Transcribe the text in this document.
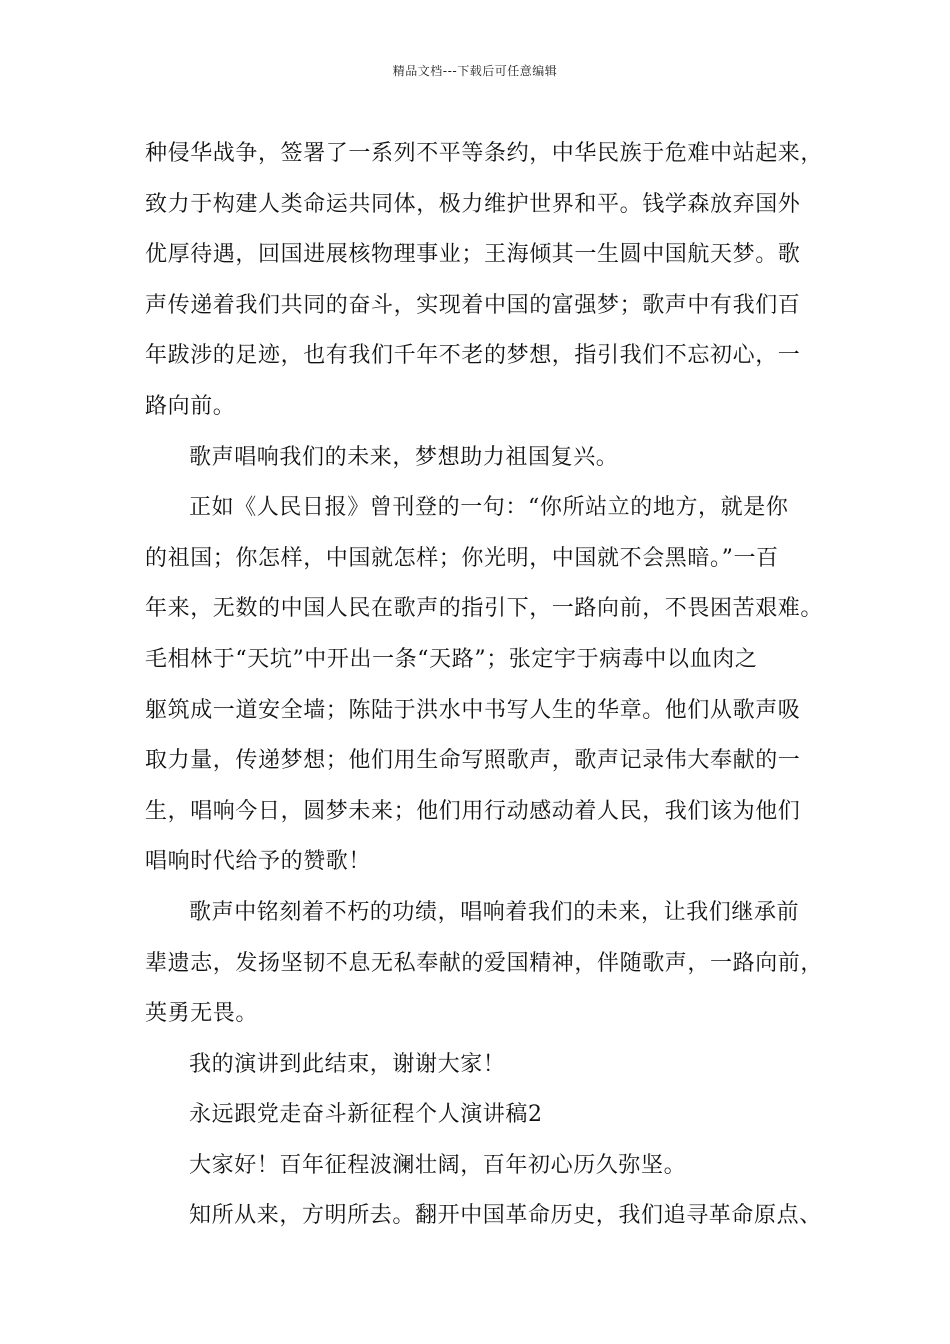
精品文档---下载后可任意编辑
种侵华战争，签署了一系列不平等条约，中华民族于危难中站起来，
致力于构建人类命运共同体，极力维护世界和平。钱学森放弃国外
优厚待遇，回国进展核物理事业；王海倾其一生圆中国航天梦。歌
声传递着我们共同的奋斗，实现着中国的富强梦；歌声中有我们百
年跋涉的足迹，也有我们千年不老的梦想，指引我们不忘初心，一
路向前。
歌声唱响我们的未来，梦想助力祖国复兴。
正如《人民日报》曾刊登的一句：“你所站立的地方，就是你
的祖国；你怎样，中国就怎样；你光明，中国就不会黑暗。”一百
年来，无数的中国人民在歌声的指引下，一路向前，不畏困苦艰难。
毛相林于“天坑”中开出一条“天路”；张定宇于病毒中以血肉之
躯筑成一道安全墙；陈陆于洪水中书写人生的华章。他们从歌声吸
取力量，传递梦想；他们用生命写照歌声，歌声记录伟大奉献的一
生，唱响今日，圆梦未来；他们用行动感动着人民，我们该为他们
唱响时代给予的赞歌！
歌声中铭刻着不朽的功绩，唱响着我们的未来，让我们继承前
辈遗志，发扬坚韧不息无私奉献的爱国精神，伴随歌声，一路向前，
英勇无畏。
我的演讲到此结束，谢谢大家！
永远跟党走奋斗新征程个人演讲稿2
大家好！百年征程波澜壮阔，百年初心历久弥坚。
知所从来，方明所去。翻开中国革命历史，我们追寻革命原点、
